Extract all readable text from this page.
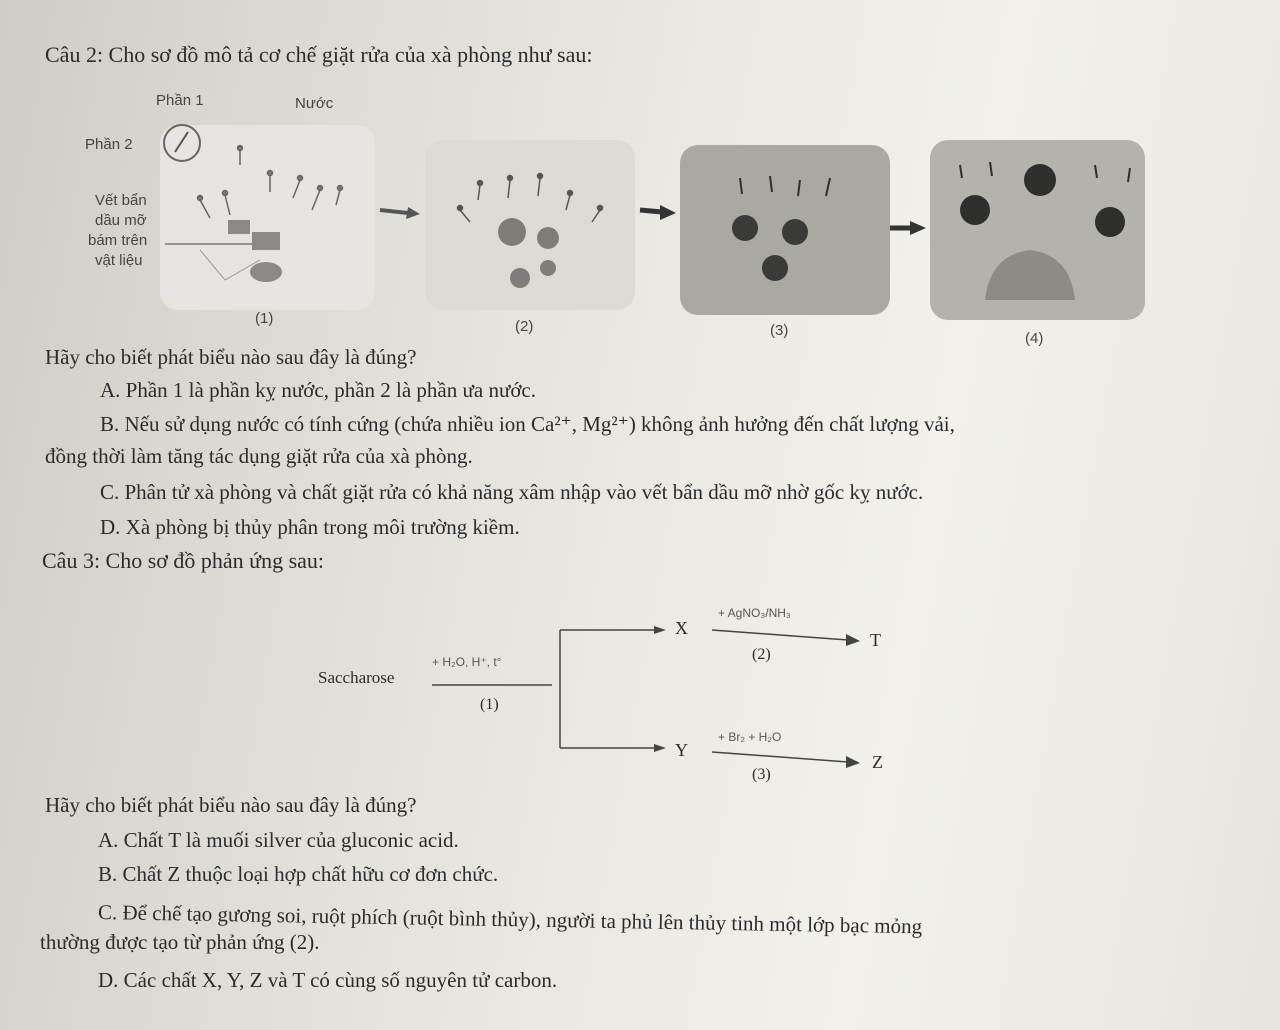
Câu 2: Cho sơ đồ mô tả cơ chế giặt rửa của xà phòng như sau:
Phần 1	Nước
Phần 2
Vết bẩn
dầu mỡ
bám trên
vật liệu
(1)	(2)	(3)	(4)
Hãy cho biết phát biểu nào sau đây là đúng?
A. Phần 1 là phần kỵ nước, phần 2 là phần ưa nước.
B. Nếu sử dụng nước có tính cứng (chứa nhiều ion Ca²⁺, Mg²⁺) không ảnh hưởng đến chất lượng vải,
đồng thời làm tăng tác dụng giặt rửa của xà phòng.
C. Phân tử xà phòng và chất giặt rửa có khả năng xâm nhập vào vết bẩn dầu mỡ nhờ gốc kỵ nước.
D. Xà phòng bị thủy phân trong môi trường kiềm.
Câu 3: Cho sơ đồ phản ứng sau:
Saccharose
+ H₂O, H⁺, t°
(1)
X
+ AgNO₃/NH₃
(2)
T
Y
+ Br₂ + H₂O
(3)
Z
Hãy cho biết phát biểu nào sau đây là đúng?
A. Chất T là muối silver của gluconic acid.
B. Chất Z thuộc loại hợp chất hữu cơ đơn chức.
C. Để chế tạo gương soi, ruột phích (ruột bình thủy), người ta phủ lên thủy tinh một lớp bạc mỏng
thường được tạo từ phản ứng (2).
D. Các chất X, Y, Z và T có cùng số nguyên tử carbon.
